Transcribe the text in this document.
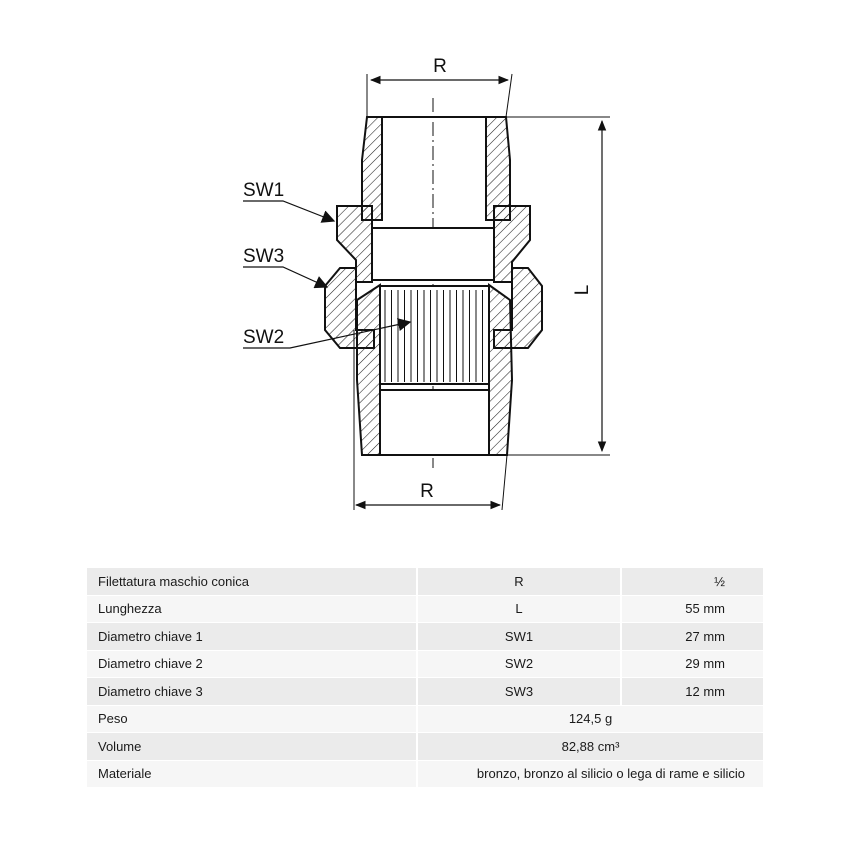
R
R
L
SW1
SW3
SW2
Filettatura maschio conica	R	½
Lunghezza	L	55 mm
Diametro chiave 1	SW1	27 mm
Diametro chiave 2	SW2	29 mm
Diametro chiave 3	SW3	12 mm
Peso	124,5 g	
Volume	82,88 cm³	
Materiale	bronzo, bronzo al silicio o lega di rame e silicio	
